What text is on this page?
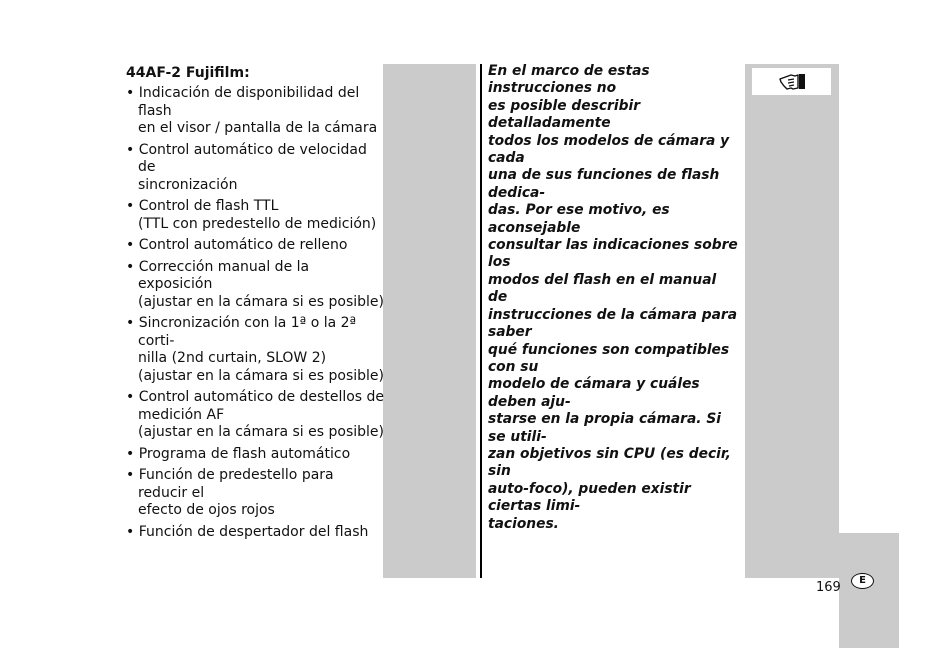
44AF-2 Fujifilm:
• Indicación de disponibilidad del flash
en el visor / pantalla de la cámara
• Control automático de velocidad de
sincronización
• Control de flash TTL
(TTL con predestello de medición)
• Control automático de relleno
• Corrección manual de la exposición
(ajustar en la cámara si es posible)
• Sincronización con la 1ª o la 2ª corti-
nilla (2nd curtain, SLOW 2)
(ajustar en la cámara si es posible)
• Control automático de destellos de
medición AF
(ajustar en la cámara si es posible)
• Programa de flash automático
• Función de predestello para reducir el
efecto de ojos rojos
• Función de despertador del flash

En el marco de estas instrucciones no
es posible describir detalladamente
todos los modelos de cámara y cada
una de sus funciones de flash dedica-
das. Por ese motivo, es aconsejable
consultar las indicaciones sobre los
modos del flash en el manual de
instrucciones de la cámara para saber
qué funciones son compatibles con su
modelo de cámara y cuáles deben aju-
starse en la propia cámara. Si se utili-
zan objetivos sin CPU (es decir, sin
auto-foco), pueden existir ciertas limi-
taciones.

169	E
